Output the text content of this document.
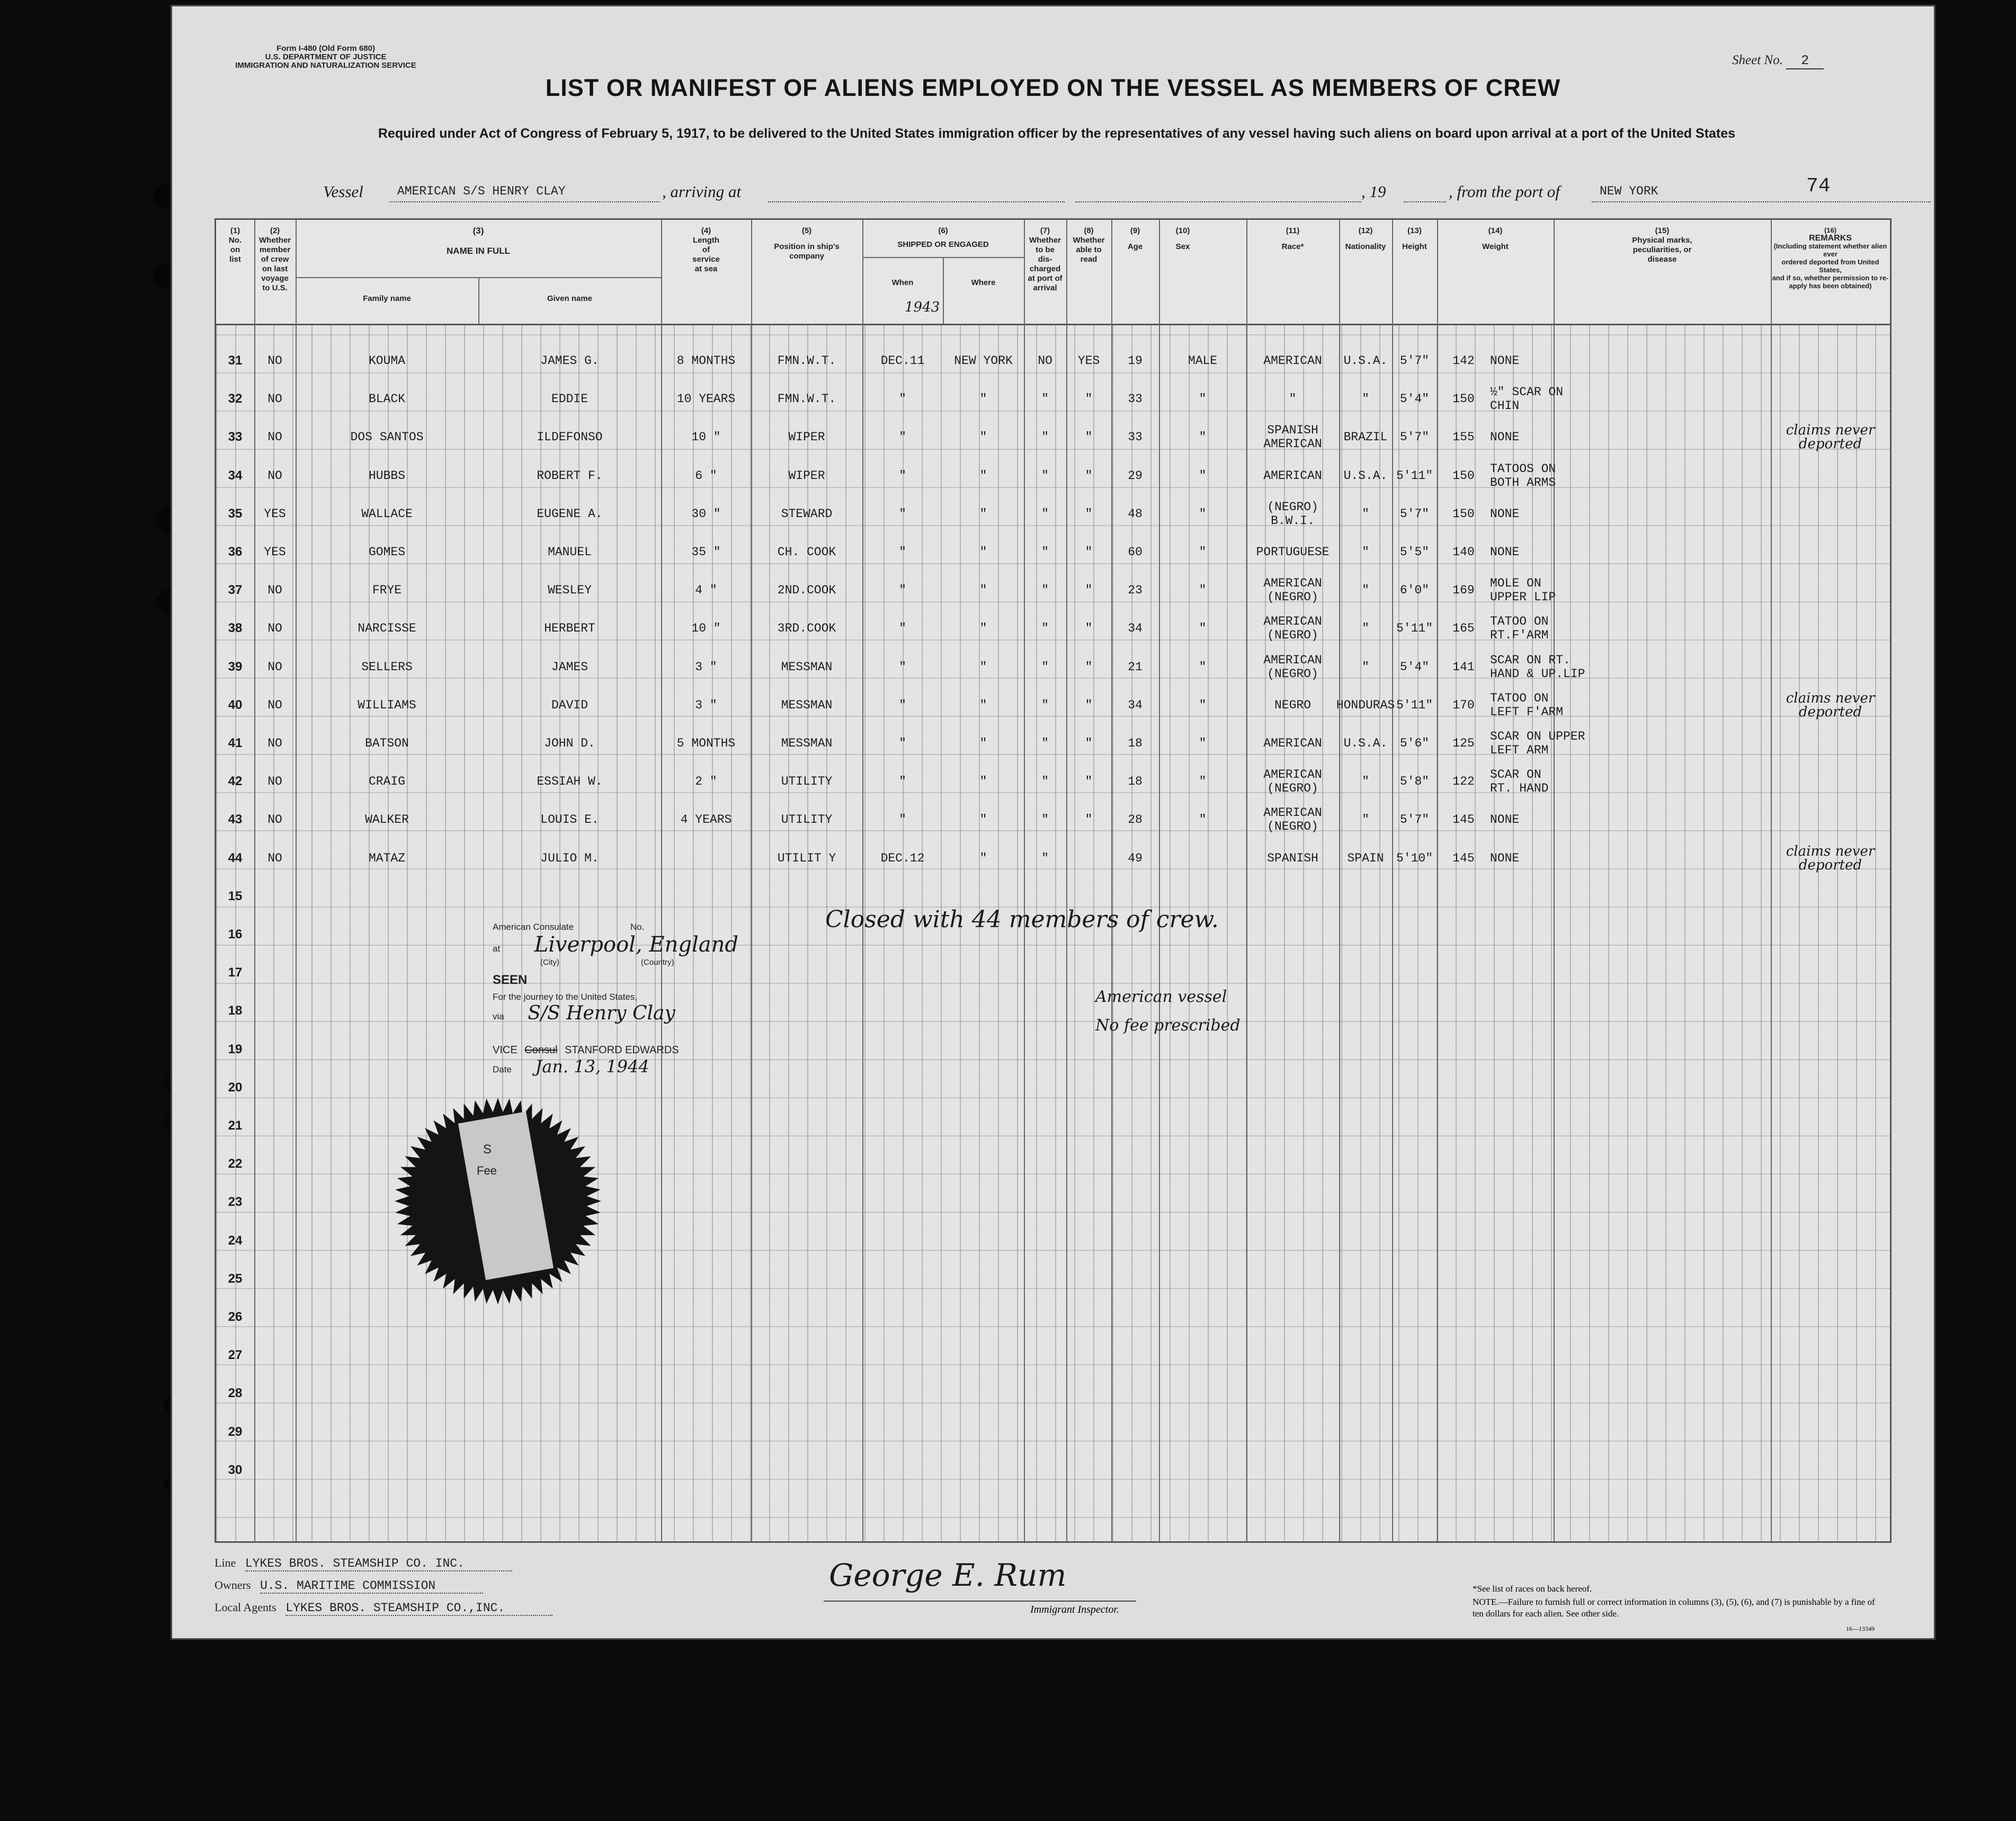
Form I-480 (Old Form 680)
U.S. DEPARTMENT OF JUSTICE
IMMIGRATION AND NATURALIZATION SERVICE	Sheet No. 2
LIST OR MANIFEST OF ALIENS EMPLOYED ON THE VESSEL AS MEMBERS OF CREW
Required under Act of Congress of February 5, 1917, to be delivered to the United States immigration officer by the representatives of any vessel having such aliens on board upon arrival at a port of the United States
Vessel	AMERICAN S/S HENRY CLAY	, arriving at	, 19	, from the port of	NEW YORK	74
(1)
No.
on
list
(2)
Whether
member
of crew
on last
voyage
to U.S.
(3)
NAME IN FULL
Family name	Given name
(4)
Length
of
service
at sea
(5)
Position in ship's
company
(6)
SHIPPED OR ENGAGED
When	Where
1943
(7)
Whether
to be
dis-
charged
at port of
arrival
(8)
Whether
able to
read
(9)
Age
(10)
Sex
(11)
Race*
(12)
Nationality
(13)
Height
(14)
Weight
(15)
Physical marks,
peculiarities, or
disease
(16)
REMARKS
(Including statement whether alien ever
ordered deported from United States,
and if so, whether permission to re-
apply has been obtained)
31	NO	KOUMA	JAMES G.	8 MONTHS	FMN.W.T.	DEC.11	NEW YORK	NO	YES	19	MALE	AMERICAN	U.S.A.	5'7"	142	NONE
32	NO	BLACK	EDDIE	10 YEARS	FMN.W.T.	"	"	"	"	33	"	"	"	5'4"	150	½" SCAR ON
CHIN
33	NO	DOS SANTOS	ILDEFONSO	10 "	WIPER	"	"	"	"	33	"	SPANISH
AMERICAN	BRAZIL	5'7"	155	NONE	claims never deported
34	NO	HUBBS	ROBERT F.	6 "	WIPER	"	"	"	"	29	"	AMERICAN	U.S.A. 5'11"	150	TATOOS ON
BOTH ARMS
35	YES	WALLACE	EUGENE A.	30 "	STEWARD	"	"	"	"	48	"	(NEGRO)
B.W.I.	"	5'7"	150	NONE
36	YES	GOMES	MANUEL	35 "	CH. COOK	"	"	"	"	60	"	PORTUGUESE	"	5'5"	140	NONE
37	NO	FRYE	WESLEY	4 "	2ND.COOK	"	"	"	"	23	"	AMERICAN
(NEGRO)	"	6'0"	169	MOLE ON
UPPER LIP
38	NO	NARCISSE	HERBERT	10 "	3RD.COOK	"	"	"	"	34	"	AMERICAN
(NEGRO)	"	5'11"	165	TATOO ON
RT.F'ARM
39	NO	SELLERS	JAMES	3 "	MESSMAN	"	"	"	"	21	"	AMERICAN
(NEGRO)	"	5'4"	141	SCAR ON RT.
HAND & UP.LIP
40	NO	WILLIAMS	DAVID	3 "	MESSMAN	"	"	"	"	34	"	NEGRO	HONDURAS 5'11"	170	TATOO ON
LEFT F'ARM
claims never deported
41	NO	BATSON	JOHN D.	5 MONTHS	MESSMAN	"	"	"	"	18	"	AMERICAN	U.S.A.	5'6"	125	SCAR ON UPPER
LEFT ARM
42	NO	CRAIG	ESSIAH W.	2 "	UTILITY	"	"	"	"	18	"	AMERICAN
(NEGRO)	"	5'8"	122	SCAR ON
RT. HAND
43	NO	WALKER	LOUIS E.	4 YEARS	UTILITY	"	"	"	"	28	"	AMERICAN
(NEGRO)	"	5'7"	145	NONE
44	NO	MATAZ	JULIO M.	UTILIT Y	DEC.12	"	"	49	SPANISH	SPAIN	5'10"	145	NONE	claims never deported
15
16
17
18
19
20
21
22
23
24
25
26
27
28
29
30
Closed with 44 members of crew.
American vessel
No fee prescribed
American Consulate	No.
at Liverpool, England
(City)	(Country)
SEEN
For the journey to the United States,
via S/S Henry Clay
VICE Consul STANFORD EDWARDS
Date Jan. 13, 1944
S
Fee
Line LYKES BROS. STEAMSHIP CO. INC.
Owners U.S. MARITIME COMMISSION
Local Agents LYKES BROS. STEAMSHIP CO.,INC.
George E. Rum
Immigrant Inspector.
*See list of races on back hereof.
NOTE.—Failure to furnish full or correct information in columns (3), (5), (6), and (7) is punishable by a fine of ten dollars for each alien. See other side.
16—13349
